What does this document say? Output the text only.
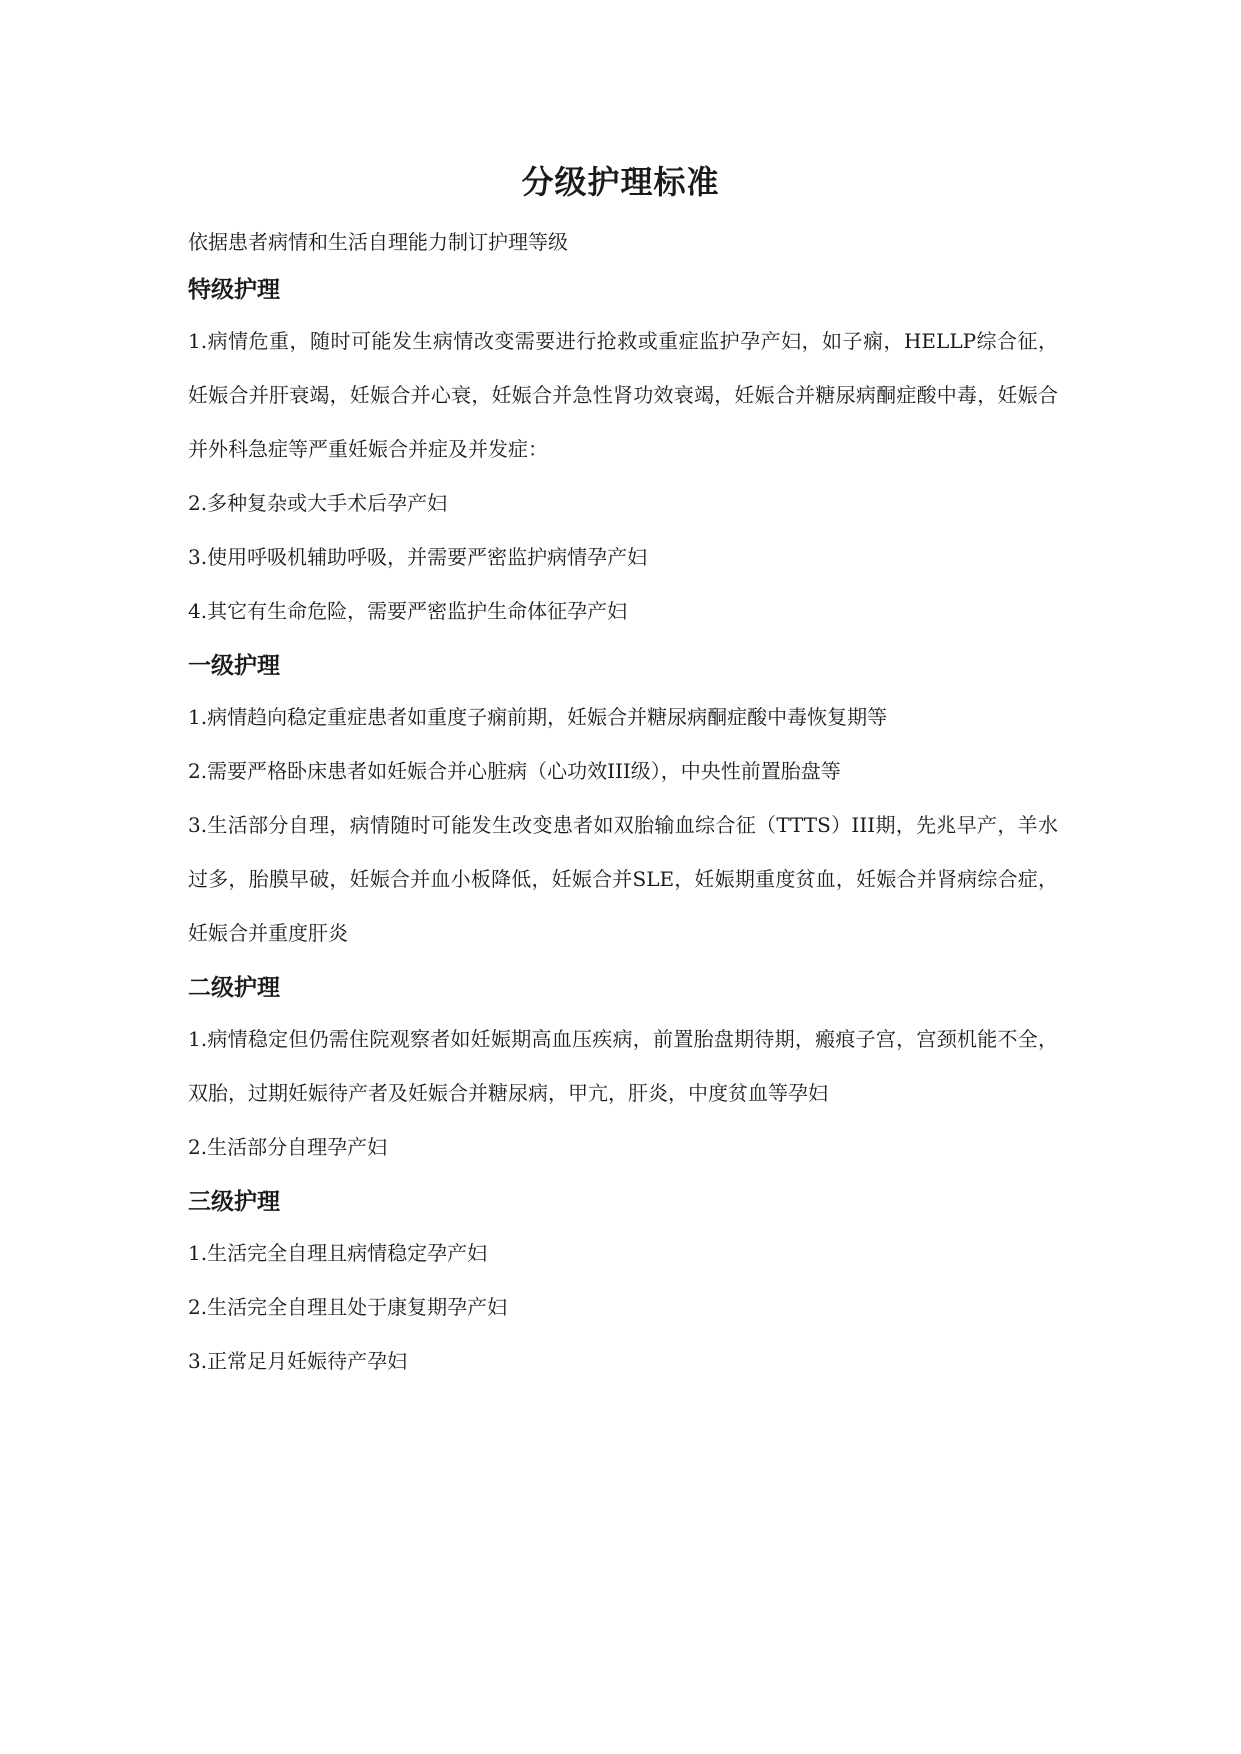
分级护理标准

依据患者病情和生活自理能力制订护理等级

特级护理

1.病情危重，随时可能发生病情改变需要进行抢救或重症监护孕产妇，如子痫，HELLP综合征，妊娠合并肝衰竭，妊娠合并心衰，妊娠合并急性肾功效衰竭，妊娠合并糖尿病酮症酸中毒，妊娠合并外科急症等严重妊娠合并症及并发症：

2.多种复杂或大手术后孕产妇

3.使用呼吸机辅助呼吸，并需要严密监护病情孕产妇

4.其它有生命危险，需要严密监护生命体征孕产妇

一级护理

1.病情趋向稳定重症患者如重度子痫前期，妊娠合并糖尿病酮症酸中毒恢复期等

2.需要严格卧床患者如妊娠合并心脏病（心功效III级），中央性前置胎盘等

3.生活部分自理，病情随时可能发生改变患者如双胎输血综合征（TTTS）III期，先兆早产，羊水过多，胎膜早破，妊娠合并血小板降低，妊娠合并SLE，妊娠期重度贫血，妊娠合并肾病综合症，妊娠合并重度肝炎

二级护理

1.病情稳定但仍需住院观察者如妊娠期高血压疾病，前置胎盘期待期，瘢痕子宫，宫颈机能不全，双胎，过期妊娠待产者及妊娠合并糖尿病，甲亢，肝炎，中度贫血等孕妇

2.生活部分自理孕产妇

三级护理

1.生活完全自理且病情稳定孕产妇

2.生活完全自理且处于康复期孕产妇

3.正常足月妊娠待产孕妇
